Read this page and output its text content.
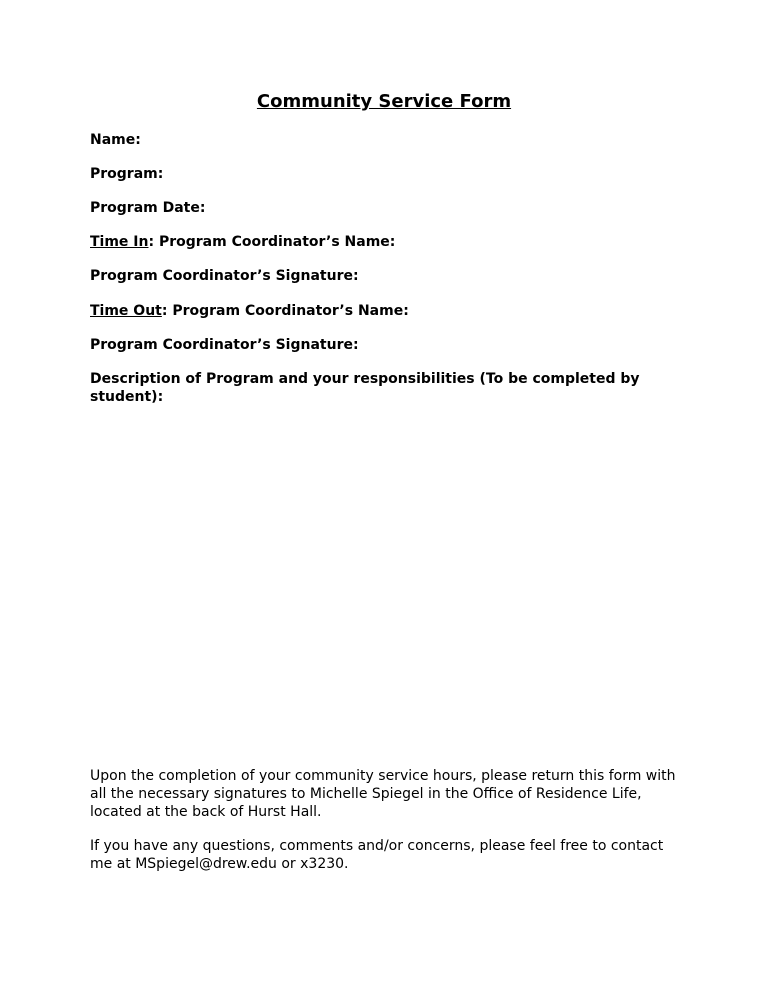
Community Service Form
Name:
Program:
Program Date:
Time In: Program Coordinator’s Name:
Program Coordinator’s Signature:
Time Out: Program Coordinator’s Name:
Program Coordinator’s Signature:
Description of Program and your responsibilities (To be completed by student):
Upon the completion of your community service hours, please return this form with all the necessary signatures to Michelle Spiegel in the Office of Residence Life, located at the back of Hurst Hall.
If you have any questions, comments and/or concerns, please feel free to contact me at MSpiegel@drew.edu or x3230.
